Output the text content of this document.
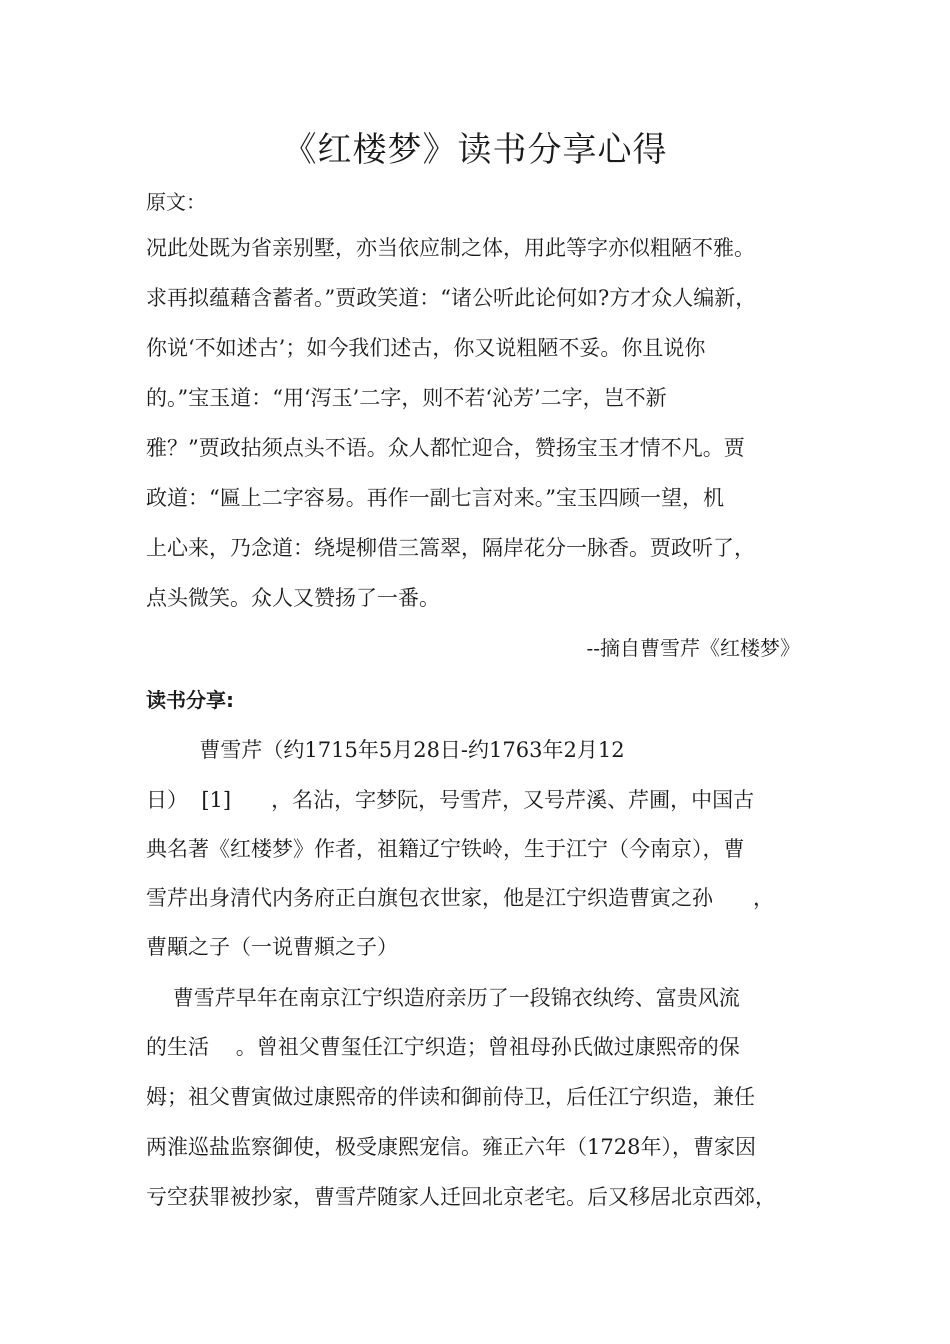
《红楼梦》读书分享心得
原文：
况此处既为省亲别墅，亦当依应制之体，用此等字亦似粗陋不雅。
求再拟蕴藉含蓄者。”贾政笑道：“诸公听此论何如?方才众人编新，
你说‘不如述古’；如今我们述古，你又说粗陋不妥。你且说你
的。”宝玉道：“用‘泻玉’二字，则不若‘沁芳’二字，岂不新
雅？”贾政拈须点头不语。众人都忙迎合，赞扬宝玉才情不凡。贾
政道：“匾上二字容易。再作一副七言对来。”宝玉四顾一望，机
上心来，乃念道：绕堤柳借三篙翠，隔岸花分一脉香。贾政听了，
点头微笑。众人又赞扬了一番。
--摘自曹雪芹《红楼梦》
读书分享:
曹雪芹（约1715年5月28日-约1763年2月12
日）  [1]      ，名沾，字梦阮，号雪芹，又号芹溪、芹圃，中国古
典名著《红楼梦》作者，祖籍辽宁铁岭，生于江宁（今南京），曹
雪芹出身清代内务府正白旗包衣世家，他是江宁织造曹寅之孙      ，
曹顒之子（一说曹頫之子）
曹雪芹早年在南京江宁织造府亲历了一段锦衣纨绔、富贵风流
的生活    。曾祖父曹玺任江宁织造；曾祖母孙氏做过康熙帝的保
姆；祖父曹寅做过康熙帝的伴读和御前侍卫，后任江宁织造，兼任
两淮巡盐监察御使，极受康熙宠信。雍正六年（1728年），曹家因
亏空获罪被抄家，曹雪芹随家人迁回北京老宅。后又移居北京西郊，
